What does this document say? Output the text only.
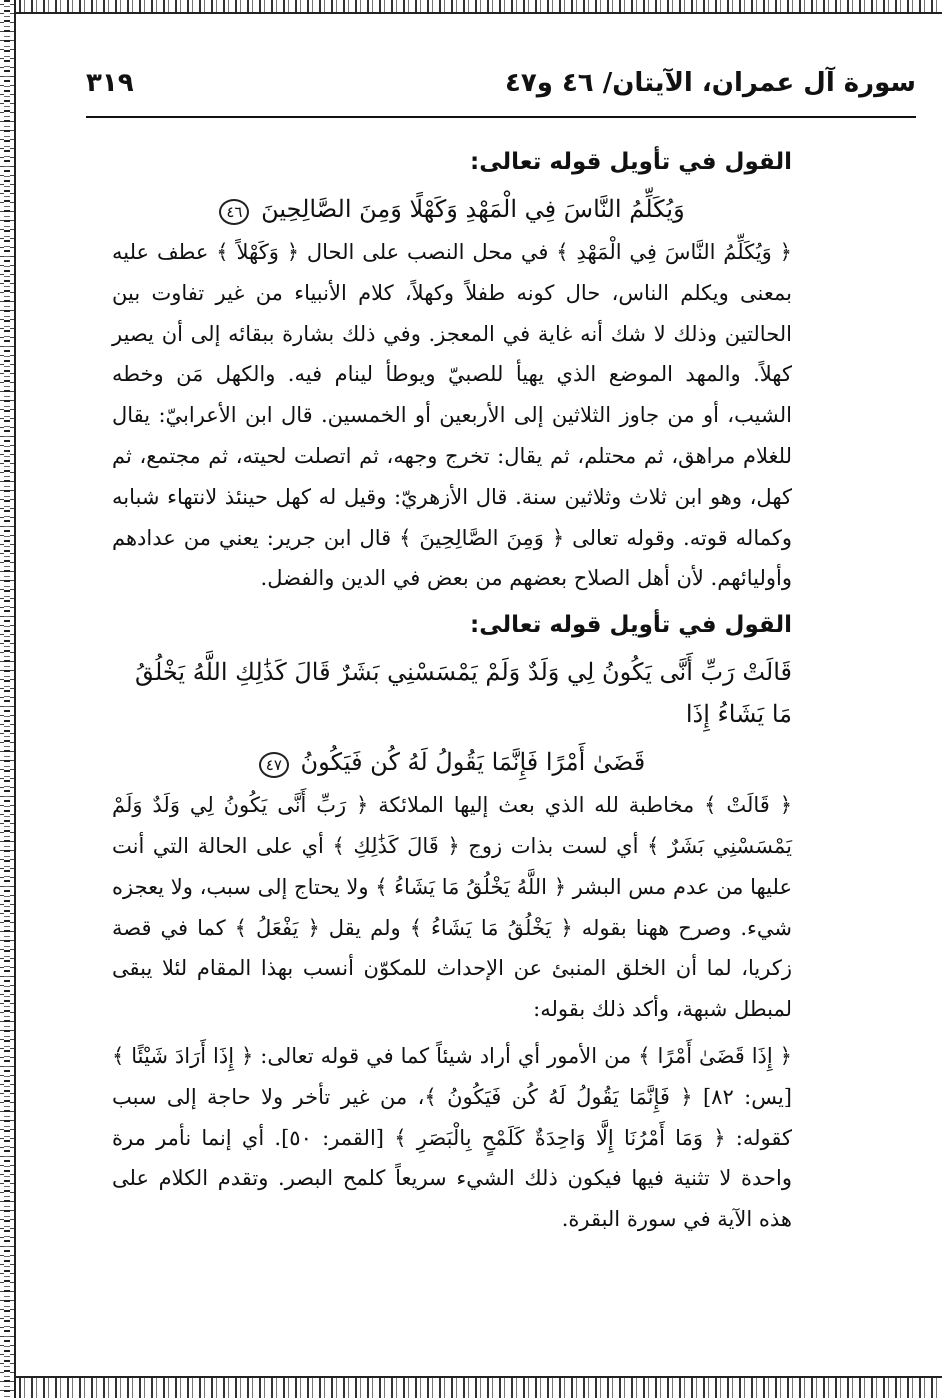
سورة آل عمران، الآيتان/ ٤٦ و٤٧
٣١٩

القول في تأويل قوله تعالى:

وَيُكَلِّمُ النَّاسَ فِي الْمَهْدِ وَكَهْلًا وَمِنَ الصَّالِحِينَ ٤٦

﴿ وَيُكَلِّمُ النَّاسَ فِي الْمَهْدِ ﴾ في محل النصب على الحال ﴿ وَكَهْلاً ﴾ عطف عليه بمعنى ويكلم الناس، حال كونه طفلاً وكهلاً، كلام الأنبياء من غير تفاوت بين الحالتين وذلك لا شك أنه غاية في المعجز. وفي ذلك بشارة ببقائه إلى أن يصير كهلاً. والمهد الموضع الذي يهيأ للصبيّ ويوطأ لينام فيه. والكهل مَن وخطه الشيب، أو من جاوز الثلاثين إلى الأربعين أو الخمسين. قال ابن الأعرابيّ: يقال للغلام مراهق، ثم محتلم، ثم يقال: تخرج وجهه، ثم اتصلت لحيته، ثم مجتمع، ثم كهل، وهو ابن ثلاث وثلاثين سنة. قال الأزهريّ: وقيل له كهل حينئذ لانتهاء شبابه وكماله قوته. وقوله تعالى ﴿ وَمِنَ الصَّالِحِينَ ﴾ قال ابن جرير: يعني من عدادهم وأوليائهم. لأن أهل الصلاح بعضهم من بعض في الدين والفضل.

القول في تأويل قوله تعالى:

قَالَتْ رَبِّ أَنَّى يَكُونُ لِي وَلَدٌ وَلَمْ يَمْسَسْنِي بَشَرٌ قَالَ كَذَٰلِكِ اللَّهُ يَخْلُقُ مَا يَشَاءُ إِذَا

قَضَىٰ أَمْرًا فَإِنَّمَا يَقُولُ لَهُ كُن فَيَكُونُ ٤٧

﴿ قَالَتْ ﴾ مخاطبة لله الذي بعث إليها الملائكة ﴿ رَبِّ أَنَّى يَكُونُ لِي وَلَدٌ وَلَمْ يَمْسَسْنِي بَشَرٌ ﴾ أي لست بذات زوج ﴿ قَالَ كَذَٰلِكِ ﴾ أي على الحالة التي أنت عليها من عدم مس البشر ﴿ اللَّهُ يَخْلُقُ مَا يَشَاءُ ﴾ ولا يحتاج إلى سبب، ولا يعجزه شيء. وصرح ههنا بقوله ﴿ يَخْلُقُ مَا يَشَاءُ ﴾ ولم يقل ﴿ يَفْعَلُ ﴾ كما في قصة زكريا، لما أن الخلق المنبئ عن الإحداث للمكوّن أنسب بهذا المقام لئلا يبقى لمبطل شبهة، وأكد ذلك بقوله:

﴿ إِذَا قَضَىٰ أَمْرًا ﴾ من الأمور أي أراد شيئاً كما في قوله تعالى: ﴿ إِذَا أَرَادَ شَيْئًا ﴾ [يس: ٨٢] ﴿ فَإِنَّمَا يَقُولُ لَهُ كُن فَيَكُونُ ﴾، من غير تأخر ولا حاجة إلى سبب كقوله: ﴿ وَمَا أَمْرُنَا إِلَّا وَاحِدَةٌ كَلَمْحٍ بِالْبَصَرِ ﴾ [القمر: ٥٠]. أي إنما نأمر مرة واحدة لا تثنية فيها فيكون ذلك الشيء سريعاً كلمح البصر. وتقدم الكلام على هذه الآية في سورة البقرة.
